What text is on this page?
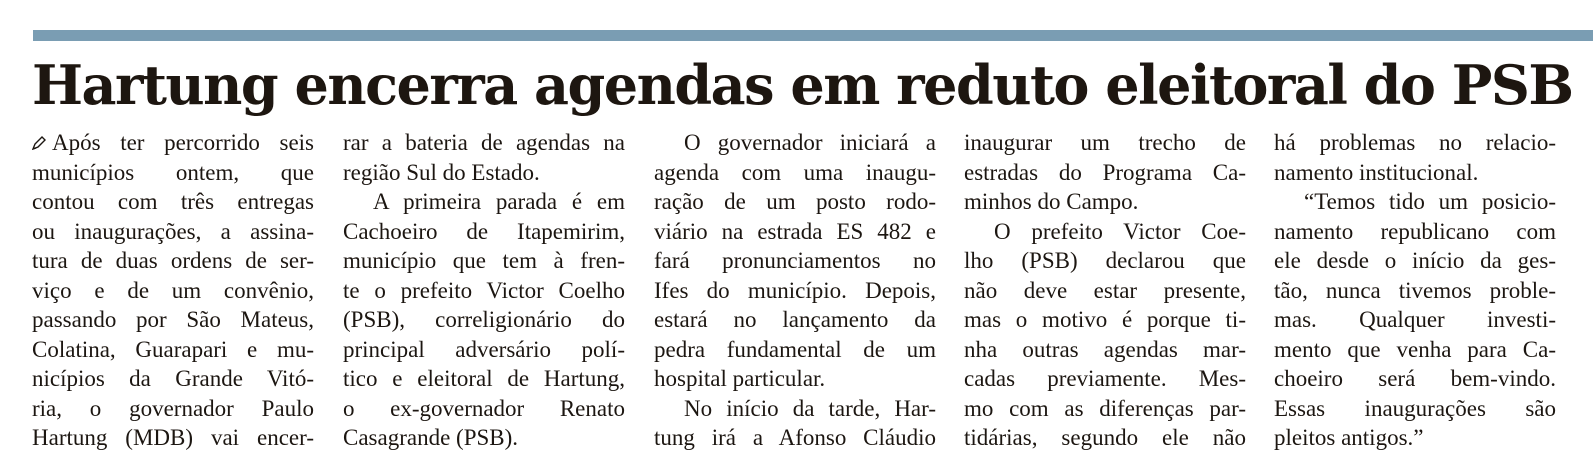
Hartung encerra agendas em reduto eleitoral do PSB
Após ter percorrido seis
municípios ontem, que
contou com três entregas
ou inaugurações, a assina-
tura de duas ordens de ser-
viço e de um convênio,
passando por São Mateus,
Colatina, Guarapari e mu-
nicípios da Grande Vitó-
ria, o governador Paulo
Hartung (MDB) vai encer-
rar a bateria de agendas na
região Sul do Estado.
A primeira parada é em
Cachoeiro de Itapemirim,
município que tem à fren-
te o prefeito Victor Coelho
(PSB), correligionário do
principal adversário polí-
tico e eleitoral de Hartung,
o ex-governador Renato
Casagrande (PSB).
O governador iniciará a
agenda com uma inaugu-
ração de um posto rodo-
viário na estrada ES 482 e
fará pronunciamentos no
Ifes do município. Depois,
estará no lançamento da
pedra fundamental de um
hospital particular.
No início da tarde, Har-
tung irá a Afonso Cláudio
inaugurar um trecho de
estradas do Programa Ca-
minhos do Campo.
O prefeito Victor Coe-
lho (PSB) declarou que
não deve estar presente,
mas o motivo é porque ti-
nha outras agendas mar-
cadas previamente. Mes-
mo com as diferenças par-
tidárias, segundo ele não
há problemas no relacio-
namento institucional.
“Temos tido um posicio-
namento republicano com
ele desde o início da ges-
tão, nunca tivemos proble-
mas. Qualquer investi-
mento que venha para Ca-
choeiro será bem-vindo.
Essas inaugurações são
pleitos antigos.”
